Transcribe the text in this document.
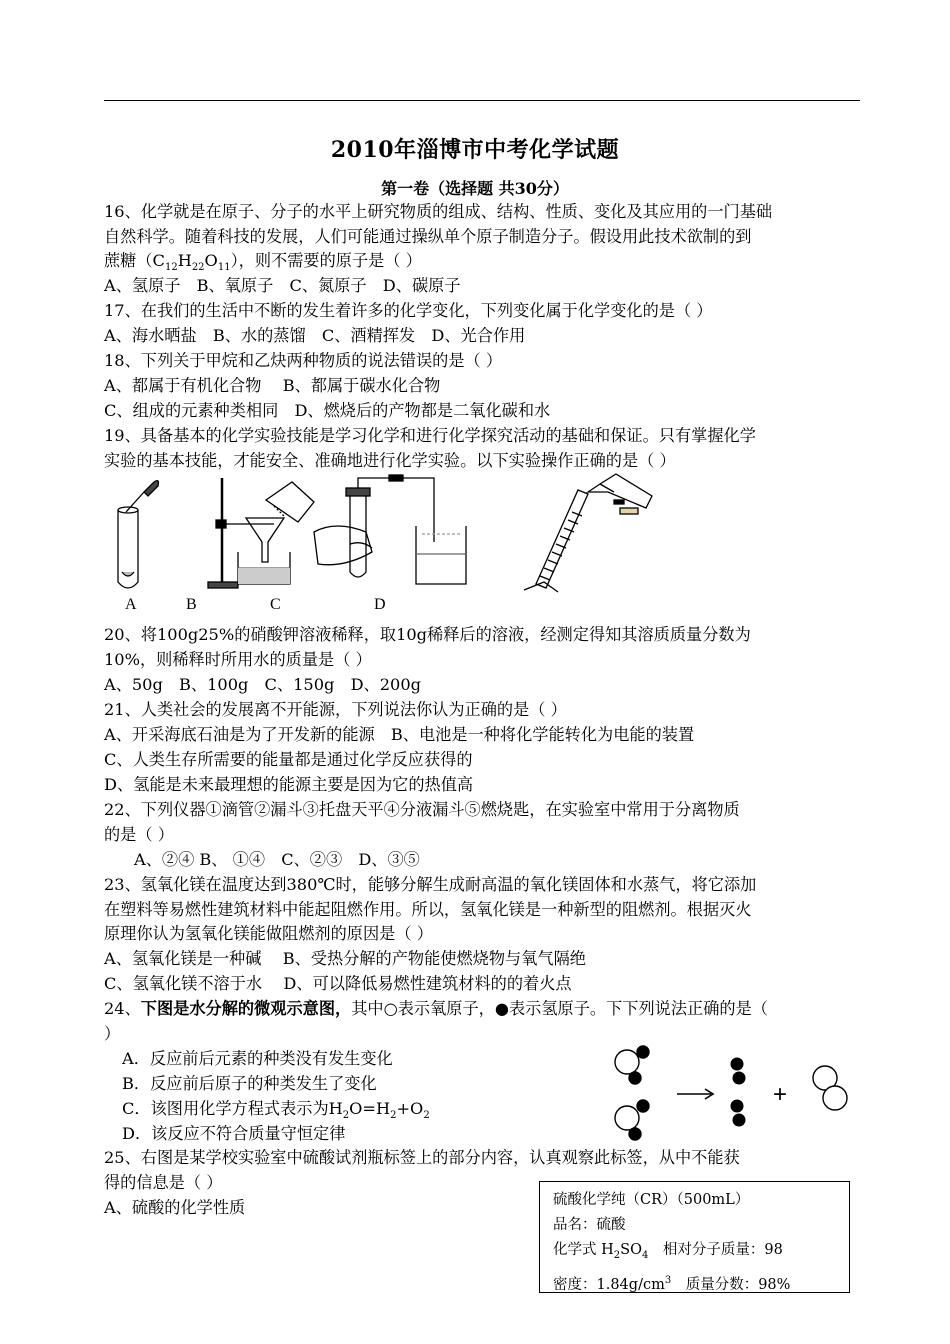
2010年淄博市中考化学试题
第一卷（选择题 共30分）
16、化学就是在原子、分子的水平上研究物质的组成、结构、性质、变化及其应用的一门基础
自然科学。随着科技的发展，人们可能通过操纵单个原子制造分子。假设用此技术欲制的到
蔗糖$(C_{12}H_{22}O_{11})$，则不需要的原子是（ ）
A、氢原子　B、氧原子　C、氮原子　D、碳原子
17、在我们的生活中不断的发生着许多的化学变化，下列变化属于化学变化的是（ ）
A、海水晒盐　B、水的蒸馏　C、酒精挥发　D、光合作用
18、下列关于甲烷和乙炔两种物质的说法错误的是（ ）
A、都属于有机化合物　 B、都属于碳水化合物
C、组成的元素种类相同　D、燃烧后的产物都是二氧化碳和水
19、具备基本的化学实验技能是学习化学和进行化学探究活动的基础和保证。只有掌握化学
实验的基本技能，才能安全、准确地进行化学实验。以下实验操作正确的是（ ）
A	B	C	D
20、将100g25%的硝酸钾溶液稀释，取10g稀释后的溶液，经测定得知其溶质质量分数为
10%，则稀释时所用水的质量是（ ）
A、50g　B、100g　C、150g　D、200g
21、人类社会的发展离不开能源，下列说法你认为正确的是（ ）
A、开采海底石油是为了开发新的能源　B、电池是一种将化学能转化为电能的装置
C、人类生存所需要的能量都是通过化学反应获得的
D、氢能是未来最理想的能源主要是因为它的热值高
22、下列仪器①滴管②漏斗③托盘天平④分液漏斗⑤燃烧匙，在实验室中常用于分离物质
的是（ ）
A、②④ B、 ①④　C、②③　D、③⑤
23、氢氧化镁在温度达到380℃时，能够分解生成耐高温的氧化镁固体和水蒸气，将它添加
在塑料等易燃性建筑材料中能起阻燃作用。所以，氢氧化镁是一种新型的阻燃剂。根据灭火
原理你认为氢氧化镁能做阻燃剂的原因是（ ）
A、氢氧化镁是一种碱　 B、受热分解的产物能使燃烧物与氧气隔绝
C、氢氧化镁不溶于水　 D、可以降低易燃性建筑材料的的着火点
24、下图是水分解的微观示意图，其中○表示氧原子，●表示氢原子。下下列说法正确的是（
）
A．反应前后元素的种类没有发生变化
B．反应前后原子的种类发生了变化
C．该图用化学方程式表示为$H_2O=H_2+O_2$
D．该反应不符合质量守恒定律
+
25、右图是某学校实验室中硫酸试剂瓶标签上的部分内容，认真观察此标签，从中不能获
得的信息是（ ）
A、硫酸的化学性质	硫酸化学纯（CR）（500mL）
品名：硫酸
化学式 $H_2SO_4$　相对分子质量：98
密度：$1.84g/cm^3$　质量分数：98%
